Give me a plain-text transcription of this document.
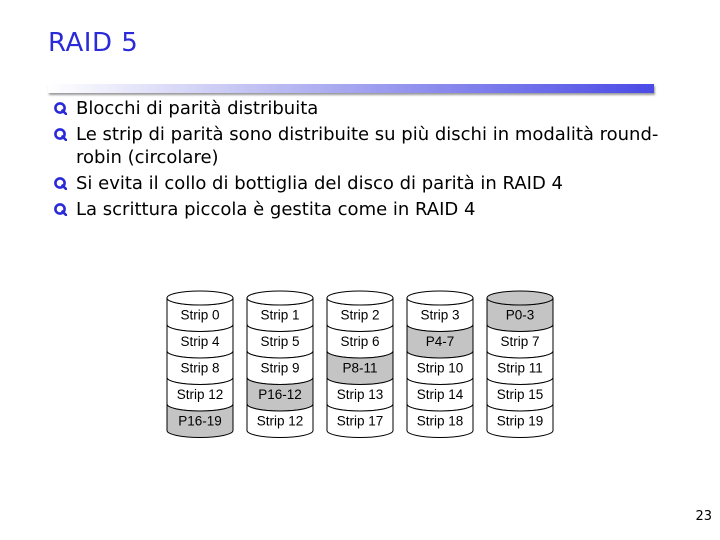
RAID 5
Blocchi di parità distribuita
Le strip di parità sono distribuite su più dischi in modalità round-robin (circolare)
Si evita il collo di bottiglia del disco di parità in RAID 4
La scrittura piccola è gestita come in RAID 4
Strip 0
Strip 4
Strip 8
Strip 12
P16-19
Strip 1
Strip 5
Strip 9
P16-12
Strip 12
Strip 2
Strip 6
P8-11
Strip 13
Strip 17
Strip 3
P4-7
Strip 10
Strip 14
Strip 18
P0-3
Strip 7
Strip 11
Strip 15
Strip 19
23
